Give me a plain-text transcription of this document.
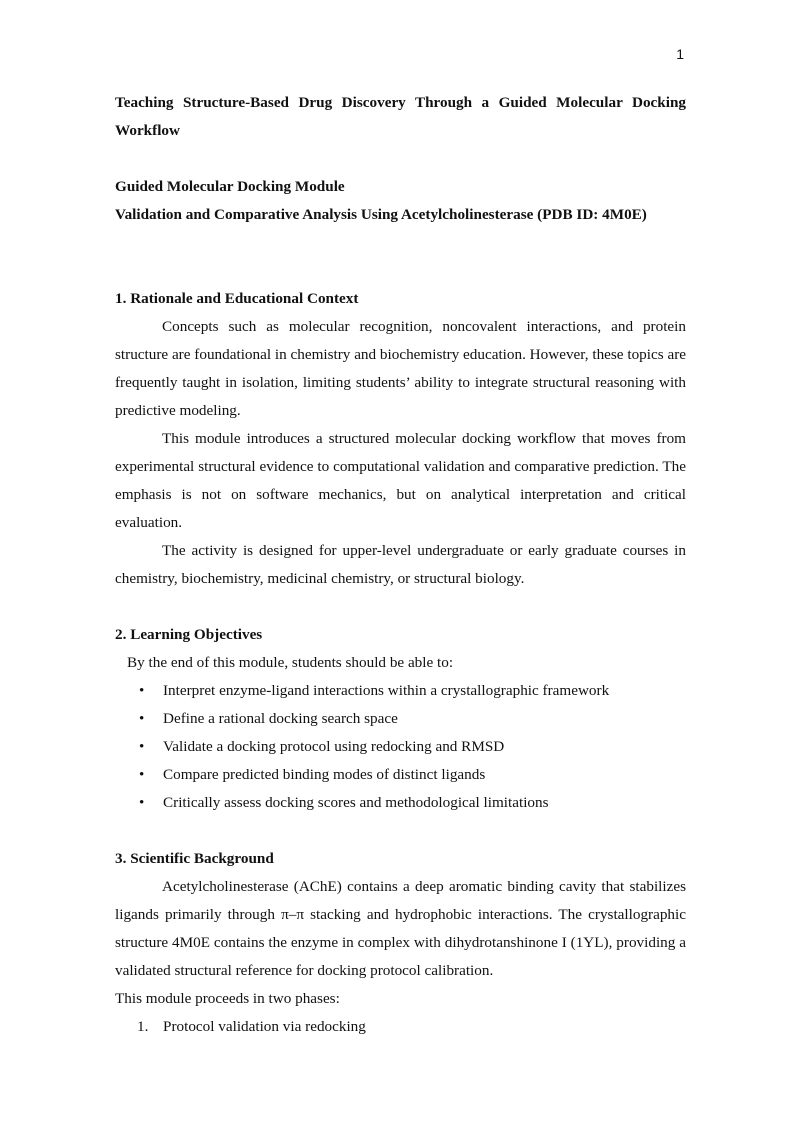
1

Teaching Structure-Based Drug Discovery Through a Guided Molecular Docking Workflow

Guided Molecular Docking Module

Validation and Comparative Analysis Using Acetylcholinesterase (PDB ID: 4M0E)

1. Rationale and Educational Context

Concepts such as molecular recognition, noncovalent interactions, and protein structure are foundational in chemistry and biochemistry education. However, these topics are frequently taught in isolation, limiting students’ ability to integrate structural reasoning with predictive modeling.

This module introduces a structured molecular docking workflow that moves from experimental structural evidence to computational validation and comparative prediction. The emphasis is not on software mechanics, but on analytical interpretation and critical evaluation.

The activity is designed for upper-level undergraduate or early graduate courses in chemistry, biochemistry, medicinal chemistry, or structural biology.

2. Learning Objectives

By the end of this module, students should be able to:

• Interpret enzyme-ligand interactions within a crystallographic framework
• Define a rational docking search space
• Validate a docking protocol using redocking and RMSD
• Compare predicted binding modes of distinct ligands
• Critically assess docking scores and methodological limitations

3. Scientific Background

Acetylcholinesterase (AChE) contains a deep aromatic binding cavity that stabilizes ligands primarily through π–π stacking and hydrophobic interactions. The crystallographic structure 4M0E contains the enzyme in complex with dihydrotanshinone I (1YL), providing a validated structural reference for docking protocol calibration.

This module proceeds in two phases:

1. Protocol validation via redocking
